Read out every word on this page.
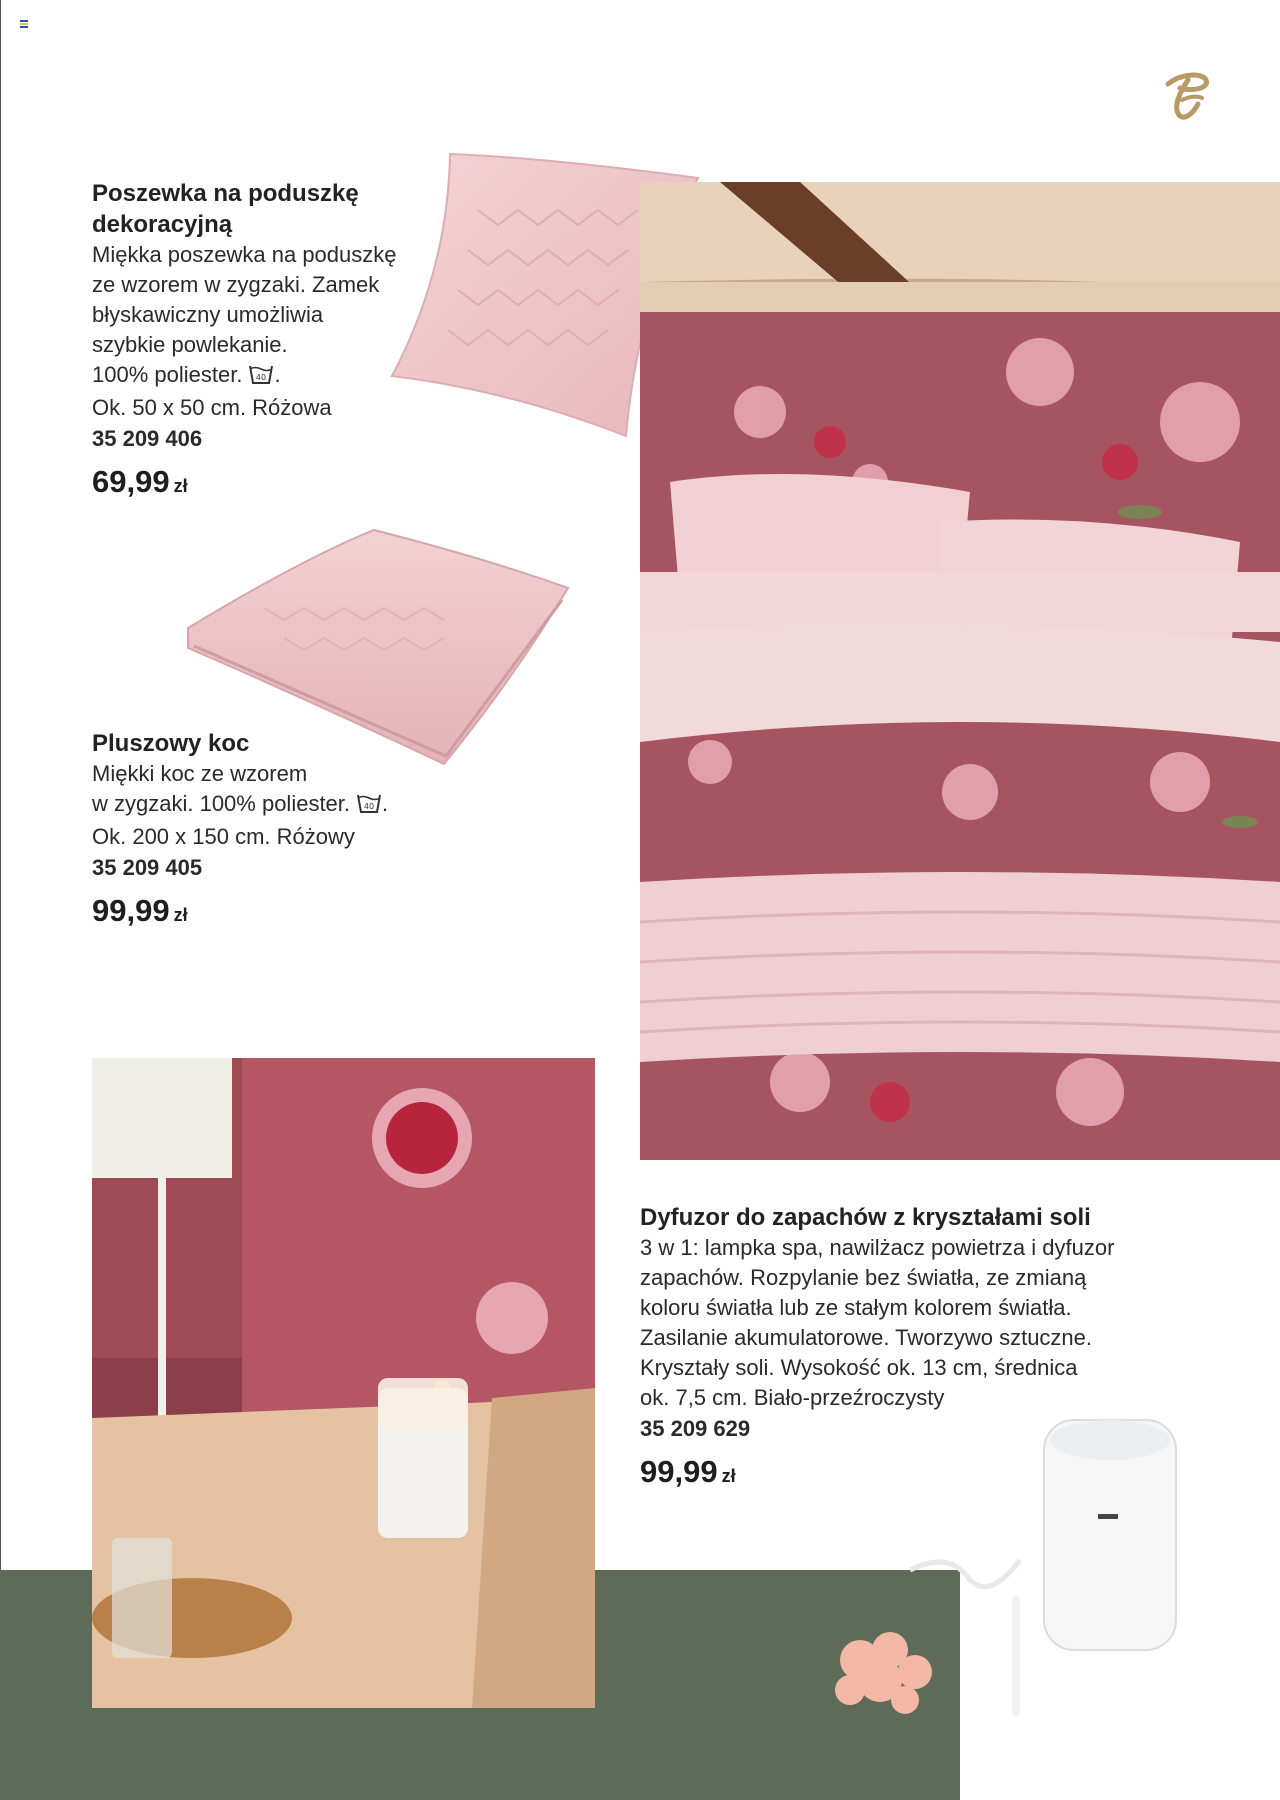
Poszewka na poduszkę dekoracyjną

Miękka poszewka na poduszkę

ze wzorem w zygzaki. Zamek

błyskawiczny umożliwia

szybkie powlekanie.

100% poliester. 40 .

Ok. 50 x 50 cm. Różowa

35 209 406

69,99 zł
Pluszowy koc

Miękki koc ze wzorem

w zygzaki. 100% poliester. 40 .

Ok. 200 x 150 cm. Różowy

35 209 405

99,99 zł
Dyfuzor do zapachów z kryształami soli

3 w 1: lampka spa, nawilżacz powietrza i dyfuzor

zapachów. Rozpylanie bez światła, ze zmianą

koloru światła lub ze stałym kolorem światła.

Zasilanie akumulatorowe. Tworzywo sztuczne.

Kryształy soli. Wysokość ok. 13 cm, średnica

ok. 7,5 cm. Biało-przeźroczysty

35 209 629

99,99 zł
